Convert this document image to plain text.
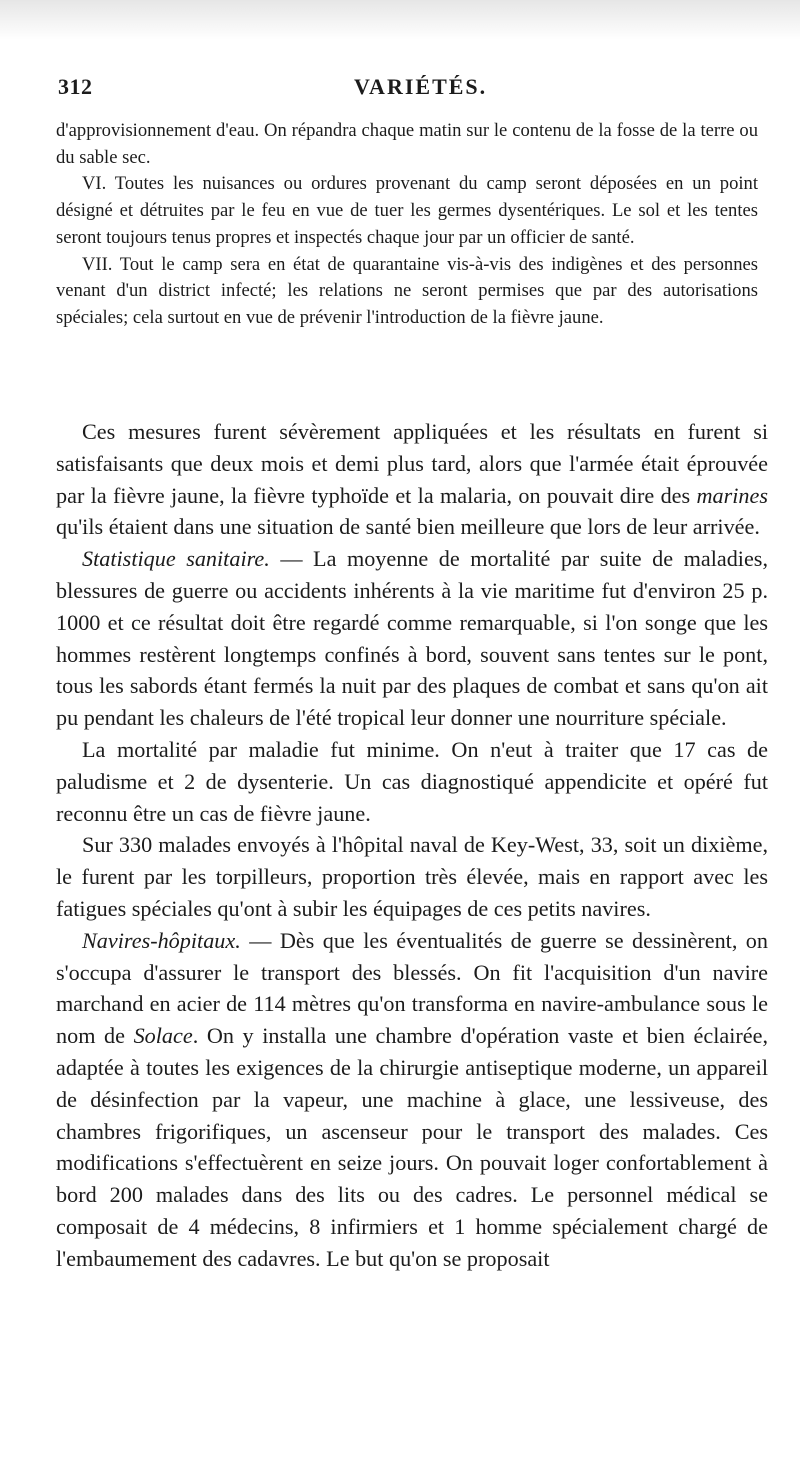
312	VARIÉTÉS.

d'approvisionnement d'eau. On répandra chaque matin sur le contenu de la fosse de la terre ou du sable sec.

VI. Toutes les nuisances ou ordures provenant du camp seront déposées en un point désigné et détruites par le feu en vue de tuer les germes dysentériques. Le sol et les tentes seront toujours tenus propres et inspectés chaque jour par un officier de santé.

VII. Tout le camp sera en état de quarantaine vis-à-vis des indigènes et des personnes venant d'un district infecté; les relations ne seront permises que par des autorisations spéciales; cela surtout en vue de prévenir l'introduction de la fièvre jaune.

Ces mesures furent sévèrement appliquées et les résultats en furent si satisfaisants que deux mois et demi plus tard, alors que l'armée était éprouvée par la fièvre jaune, la fièvre typhoïde et la malaria, on pouvait dire des marines qu'ils étaient dans une situation de santé bien meilleure que lors de leur arrivée.

Statistique sanitaire. — La moyenne de mortalité par suite de maladies, blessures de guerre ou accidents inhérents à la vie maritime fut d'environ 25 p. 1000 et ce résultat doit être regardé comme remarquable, si l'on songe que les hommes restèrent longtemps confinés à bord, souvent sans tentes sur le pont, tous les sabords étant fermés la nuit par des plaques de combat et sans qu'on ait pu pendant les chaleurs de l'été tropical leur donner une nourriture spéciale.

La mortalité par maladie fut minime. On n'eut à traiter que 17 cas de paludisme et 2 de dysenterie. Un cas diagnostiqué appendicite et opéré fut reconnu être un cas de fièvre jaune.

Sur 330 malades envoyés à l'hôpital naval de Key-West, 33, soit un dixième, le furent par les torpilleurs, proportion très élevée, mais en rapport avec les fatigues spéciales qu'ont à subir les équipages de ces petits navires.

Navires-hôpitaux. — Dès que les éventualités de guerre se dessinèrent, on s'occupa d'assurer le transport des blessés. On fit l'acquisition d'un navire marchand en acier de 114 mètres qu'on transforma en navire-ambulance sous le nom de Solace. On y installa une chambre d'opération vaste et bien éclairée, adaptée à toutes les exigences de la chirurgie antiseptique moderne, un appareil de désinfection par la vapeur, une machine à glace, une lessiveuse, des chambres frigorifiques, un ascenseur pour le transport des malades. Ces modifications s'effectuèrent en seize jours. On pouvait loger confortablement à bord 200 malades dans des lits ou des cadres. Le personnel médical se composait de 4 médecins, 8 infirmiers et 1 homme spécialement chargé de l'embaumement des cadavres. Le but qu'on se proposait
